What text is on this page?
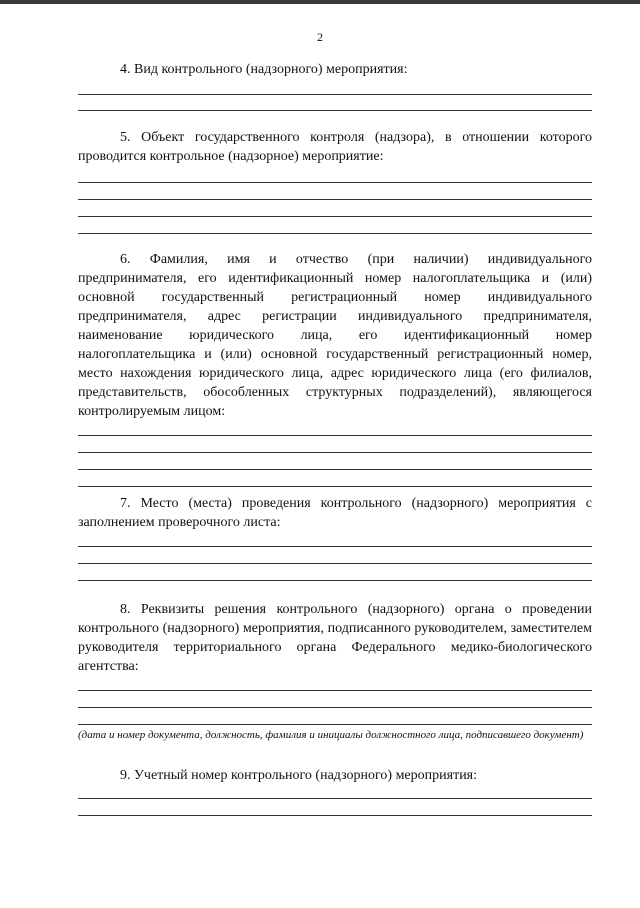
2

4. Вид контрольного (надзорного) мероприятия:

5. Объект государственного контроля (надзора), в отношении которого проводится контрольное (надзорное) мероприятие:

6. Фамилия, имя и отчество (при наличии) индивидуального предпринимателя, его идентификационный номер налогоплательщика и (или) основной государственный регистрационный номер индивидуального предпринимателя, адрес регистрации индивидуального предпринимателя, наименование юридического лица, его идентификационный номер налогоплательщика и (или) основной государственный регистрационный номер, место нахождения юридического лица, адрес юридического лица (его филиалов, представительств, обособленных структурных подразделений), являющегося контролируемым лицом:

7. Место (места) проведения контрольного (надзорного) мероприятия с заполнением проверочного листа:

8. Реквизиты решения контрольного (надзорного) органа о проведении контрольного (надзорного) мероприятия, подписанного руководителем, заместителем руководителя территориального органа Федерального медико-биологического агентства:

(дата и номер документа, должность, фамилия и инициалы должностного лица, подписавшего документ)

9. Учетный номер контрольного (надзорного) мероприятия:
